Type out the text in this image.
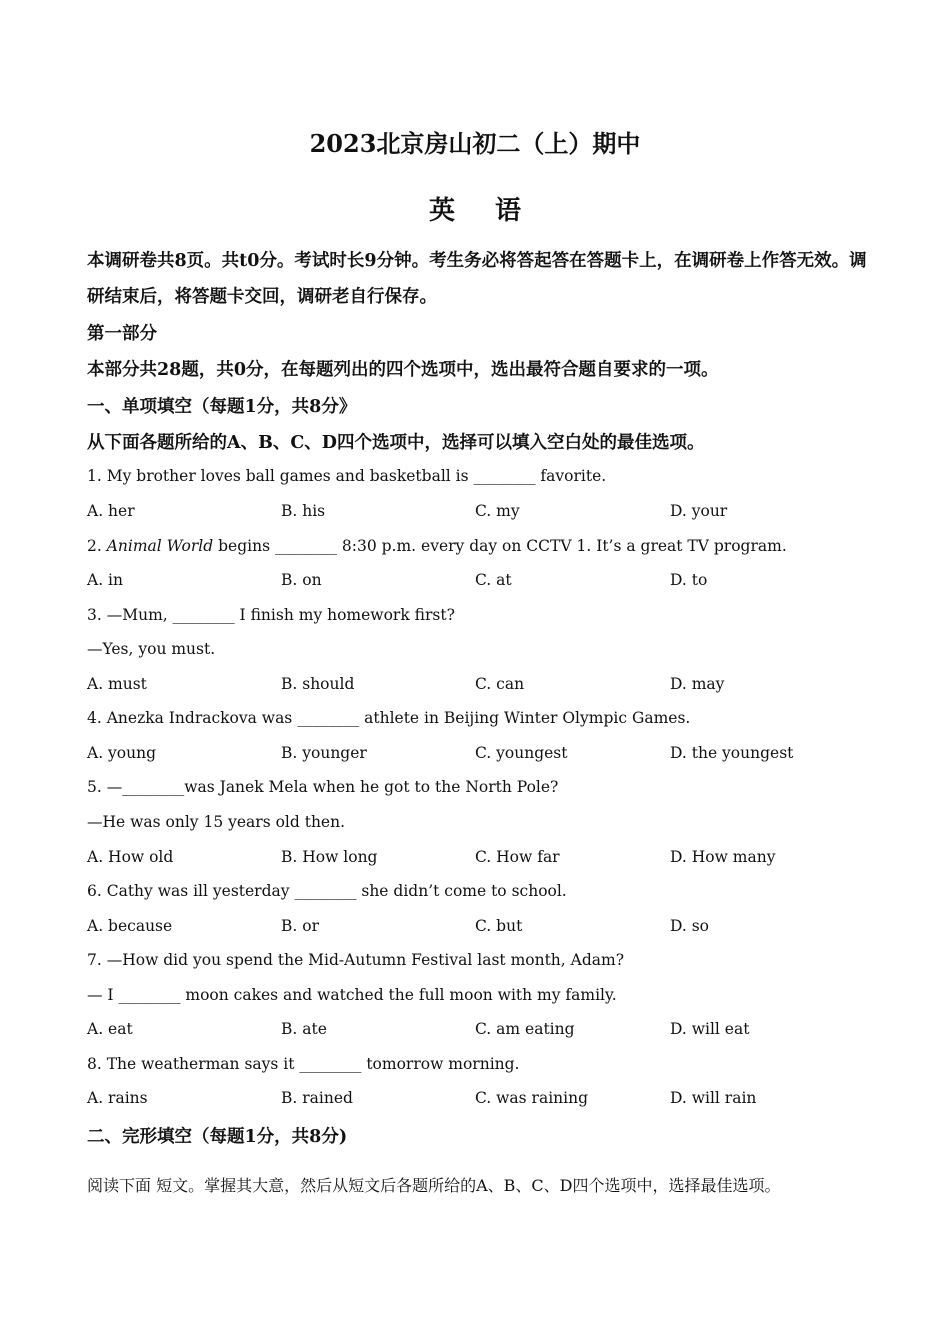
2023北京房山初二（上）期中
英语

本调研卷共8页。共t0分。考试时长9分钟。考生务必将答起答在答题卡上，在调研卷上作答无效。调研结束后，将答题卡交回，调研老自行保存。

第一部分
本部分共28题，共0分，在每题列出的四个选项中，选出最符合题自要求的一项。
一、单项填空（每题1分，共8分》
从下面各题所给的A、B、C、D四个选项中，选择可以填入空白处的最佳选项。
1. My brother loves ball games and basketball is ________ favorite.
A. her	B. his	C. my	D. your
2. Animal World begins ________ 8:30 p.m. every day on CCTV 1. It’s a great TV program.
A. in	B. on	C. at	D. to
3. —Mum, ________ I finish my homework first?
—Yes, you must.
A. must	B. should	C. can	D. may
4. Anezka Indrackova was ________ athlete in Beijing Winter Olympic Games.
A. young	B. younger	C. youngest	D. the youngest
5. —________was Janek Mela when he got to the North Pole?
—He was only 15 years old then.
A. How old	B. How long	C. How far	D. How many
6. Cathy was ill yesterday ________ she didn’t come to school.
A. because	B. or	C. but	D. so
7. —How did you spend the Mid-Autumn Festival last month, Adam?
— I ________ moon cakes and watched the full moon with my family.
A. eat	B. ate	C. am eating	D. will eat
8. The weatherman says it ________ tomorrow morning.
A. rains	B. rained	C. was raining	D. will rain
二、完形填空（每题1分，共8分)
阅读下面 短文。掌握其大意，然后从短文后各题所给的A、B、C、D四个选项中，选择最佳选项。
